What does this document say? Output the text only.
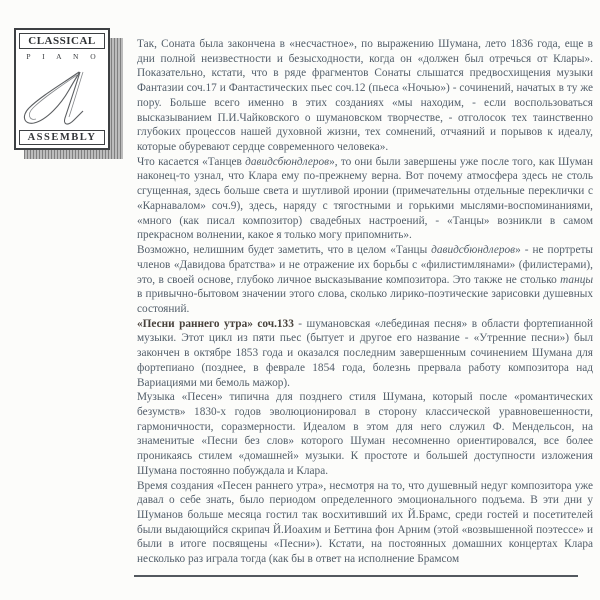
CLASSICAL
P I A N O
ASSEMBLY

Так, Соната была закончена в «несчастное», по выражению Шумана, лето 1836 года, еще в дни полной неизвестности и безысходности, когда он «должен был отречься от Клары». Показательно, кстати, что в ряде фрагментов Сонаты слышатся предвосхищения музыки Фантазии соч.17 и Фантастических пьес соч.12 (пьеса «Ночью») - сочинений, начатых в ту же пору. Больше всего именно в этих созданиях «мы находим, - если воспользоваться высказыванием П.И.Чайковского о шумановском творчестве, - отголосок тех таинственно глубоких процессов нашей духовной жизни, тех сомнений, отчаяний и порывов к идеалу, которые обуревают сердце современного человека».

Что касается «Танцев давидсбюндлеров», то они были завершены уже после того, как Шуман наконец-то узнал, что Клара ему по-прежнему верна. Вот почему атмосфера здесь не столь сгущенная, здесь больше света и шутливой иронии (примечательны отдельные переклички с «Карнавалом» соч.9), здесь, наряду с тягостными и горькими мыслями-воспоминаниями, «много (как писал композитор) свадебных настроений, - «Танцы» возникли в самом прекрасном волнении, какое я только могу припомнить».

Возможно, нелишним будет заметить, что в целом «Танцы давидсбюндлеров» - не портреты членов «Давидова братства» и не отражение их борьбы с «филистимлянами» (филистерами), это, в своей основе, глубоко личное высказывание композитора. Это также не столько танцы в привычно-бытовом значении этого слова, сколько лирико-поэтические зарисовки душевных состояний.

«Песни раннего утра» соч.133 - шумановская «лебединая песня» в области фортепианной музыки. Этот цикл из пяти пьес (бытует и другое его название - «Утренние песни») был закончен в октябре 1853 года и оказался последним завершенным сочинением Шумана для фортепиано (позднее, в феврале 1854 года, болезнь прервала работу композитора над Вариациями ми бемоль мажор).

Музыка «Песен» типична для позднего стиля Шумана, который после «романтических безумств» 1830-х годов эволюционировал в сторону классической уравновешенности, гармоничности, соразмерности. Идеалом в этом для него служил Ф. Мендельсон, на знаменитые «Песни без слов» которого Шуман несомненно ориентировался, все более проникаясь стилем «домашней» музыки. К простоте и большей доступности изложения Шумана постоянно побуждала и Клара.

Время создания «Песен раннего утра», несмотря на то, что душевный недуг композитора уже давал о себе знать, было периодом определенного эмоционального подъема. В эти дни у Шуманов больше месяца гостил так восхитивший их Й.Брамс, среди гостей и посетителей были выдающийся скрипач Й.Иоахим и Беттина фон Арним (этой «возвышенной поэтессе» и были в итоге посвящены «Песни»). Кстати, на постоянных домашних концертах Клара несколько раз играла тогда (как бы в ответ на исполнение Брамсом
